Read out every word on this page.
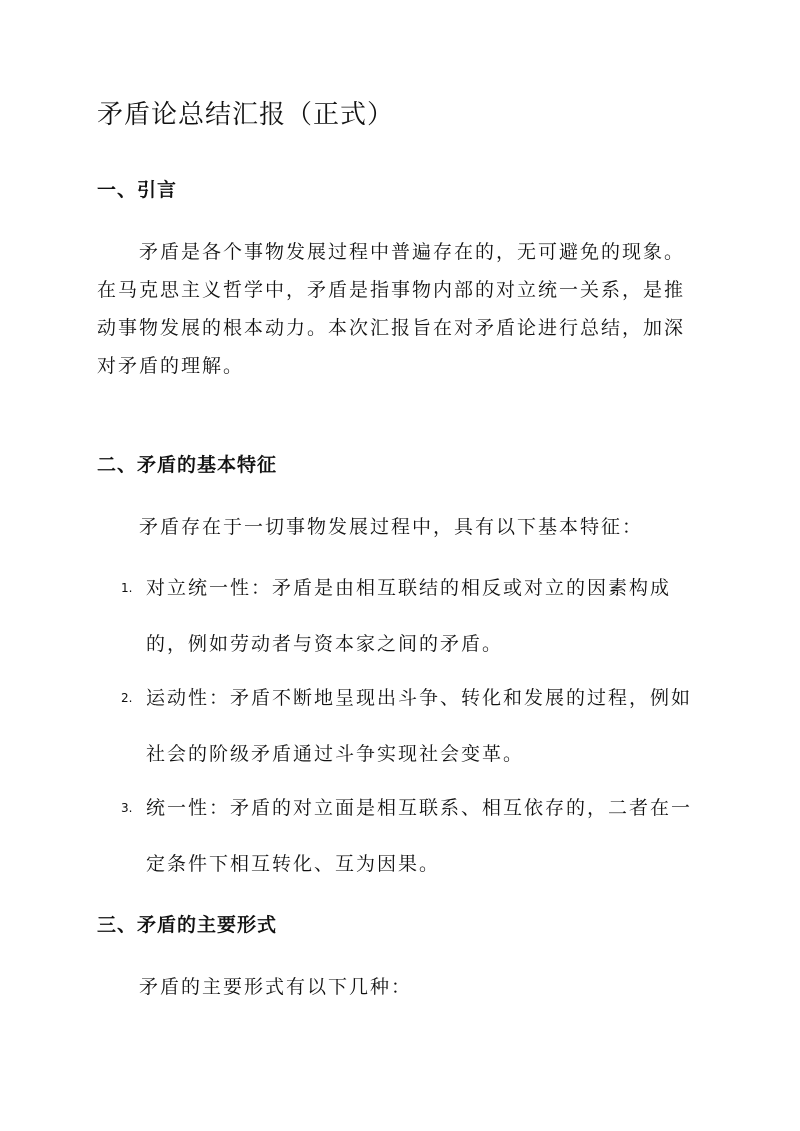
矛盾论总结汇报（正式）
一、引言

矛盾是各个事物发展过程中普遍存在的，无可避免的现象。在马克思主义哲学中，矛盾是指事物内部的对立统一关系，是推动事物发展的根本动力。本次汇报旨在对矛盾论进行总结，加深对矛盾的理解。

二、矛盾的基本特征

矛盾存在于一切事物发展过程中，具有以下基本特征：

1. 对立统一性：矛盾是由相互联结的相反或对立的因素构成的，例如劳动者与资本家之间的矛盾。
2. 运动性：矛盾不断地呈现出斗争、转化和发展的过程，例如社会的阶级矛盾通过斗争实现社会变革。
3. 统一性：矛盾的对立面是相互联系、相互依存的，二者在一定条件下相互转化、互为因果。
三、矛盾的主要形式

矛盾的主要形式有以下几种：
